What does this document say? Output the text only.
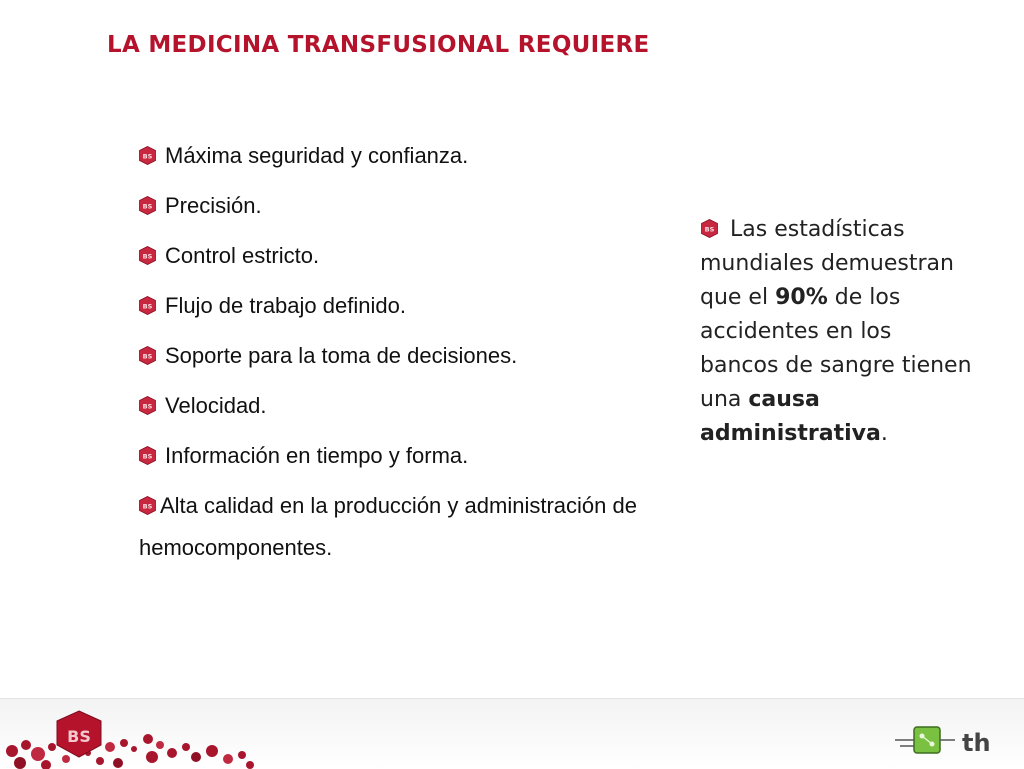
LA MEDICINA TRANSFUSIONAL REQUIERE
BS Máxima seguridad y confianza.
BS Precisión.
BS Control estricto.
BS Flujo de trabajo definido.
BS Soporte para la toma de decisiones.
BS Velocidad.
BS Información en tiempo y forma.
BS Alta calidad en la producción y administración de hemocomponentes.
BS Las estadísticas mundiales demuestran que el 90% de los accidentes en los bancos de sangre tienen una causa administrativa.
BS	th
